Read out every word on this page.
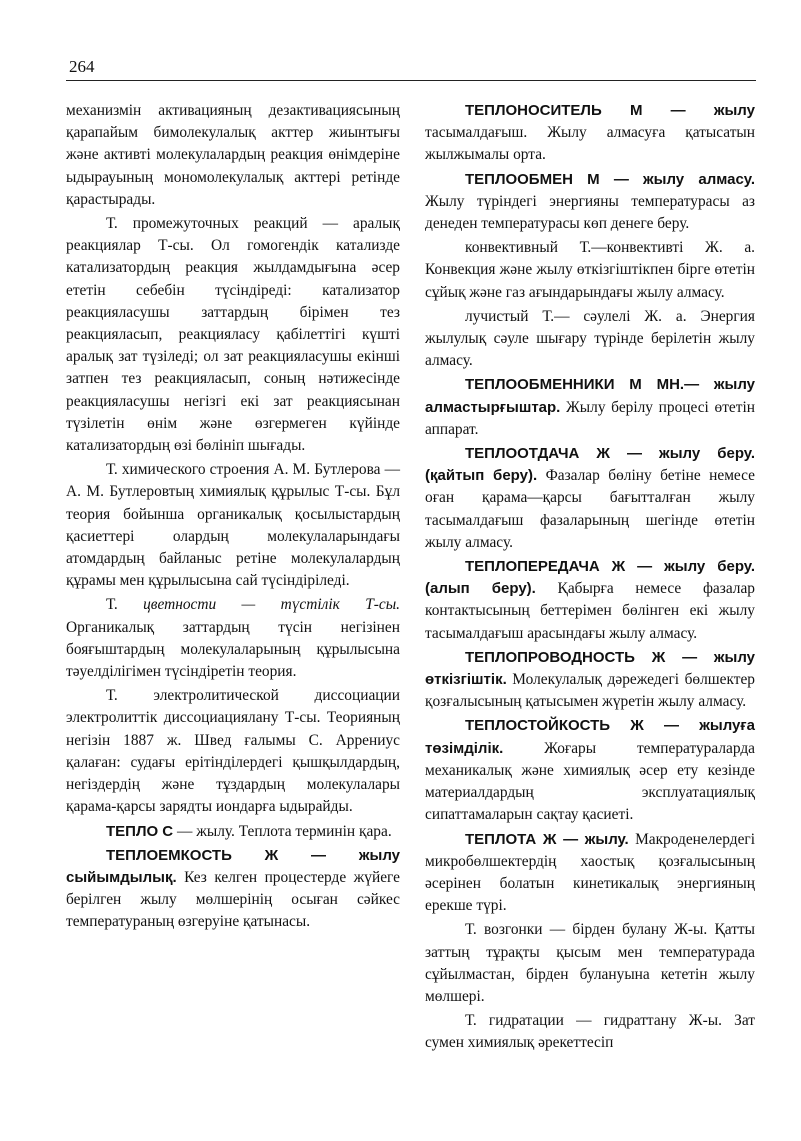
264

механизмін активацияның дезактивациясының қарапайым бимолекулалық акттер жиынтығы және активті молекулалардың реакция өнімдеріне ыдырауының мономолекулалық акттері ретінде қарастырады.

Т. промежуточных реакций — аралық реакциялар Т-сы. Ол гомогендік катализде катализатордың реакция жылдамдығына әсер ететін себебін түсіндіреді: катализатор реакцияласушы заттардың бірімен тез реакцияласып, реакцияласу қабілеттігі күшті аралық зат түзіледі; ол зат реакцияласушы екінші затпен тез реакцияласып, соның нәтижесінде реакцияласушы негізгі екі зат реакциясынан түзілетін өнім және өзгермеген күйінде катализатордың өзі бөлініп шығады.

Т. химического строения А. М. Бутлерова — А. М. Бутлеровтың химиялық құрылыс Т-сы. Бұл теория бойынша органикалық қосылыстардың қасиеттері олардың молекулаларындағы атомдардың байланыс ретіне молекулалардың құрамы мен құрылысына сай түсіндіріледі.

Т. цветности — түстілік Т-сы. Органикалық заттардың түсін негізінен бояғыштардың молекулаларының құрылысына тәуелділігімен түсіндіретін теория.

Т. электролитической диссоциации электролиттік диссоциациялану Т-сы. Теорияның негізін 1887 ж. Швед ғалымы С. Аррениус қалаған: судағы ерітінділердегі қышқылдардың, негіздердің және тұздардың молекулалары қарама-қарсы зарядты иондарға ыдырайды.

ТЕПЛО С — жылу. Теплота терминін қара.

ТЕПЛОЕМКОСТЬ Ж — жылу сыйымдылық. Кез келген процестерде жүйеге берілген жылу мөлшерінің осыған сәйкес температураның өзгеруіне қатынасы.

ТЕПЛОНОСИТЕЛЬ М — жылу тасымалдағыш. Жылу алмасуға қатысатын жылжымалы орта.

ТЕПЛООБМЕН М — жылу алмасу. Жылу түріндегі энергияны температурасы аз денеден температурасы көп денеге беру.

конвективный Т.—конвективті Ж. а. Конвекция және жылу өткізгіштікпен бірге өтетін сұйық және газ ағындарындағы жылу алмасу.

лучистый Т.— сәулелі Ж. а. Энергия жылулық сәуле шығару түрінде берілетін жылу алмасу.

ТЕПЛООБМЕННИКИ М МН.— жылу алмастырғыштар. Жылу берілу процесі өтетін аппарат.

ТЕПЛООТДАЧА Ж — жылу беру. (қайтып беру). Фазалар бөліну бетіне немесе оған қарама—қарсы бағытталған жылу тасымалдағыш фазаларының шегінде өтетін жылу алмасу.

ТЕПЛОПЕРЕДАЧА Ж — жылу беру. (алып беру). Қабырға немесе фазалар контактысының беттерімен бөлінген екі жылу тасымалдағыш арасындағы жылу алмасу.

ТЕПЛОПРОВОДНОСТЬ Ж — жылу өткізгіштік. Молекулалық дәрежедегі бөлшектер қозғалысының қатысымен жүретін жылу алмасу.

ТЕПЛОСТОЙКОСТЬ Ж — жылуға төзімділік. Жоғары температураларда механикалық және химиялық әсер ету кезінде материалдардың эксплуатациялық сипаттамаларын сақтау қасиеті.

ТЕПЛОТА Ж — жылу. Макроденелердегі микробөлшектердің хаостық қозғалысының әсерінен болатын кинетикалық энергияның ерекше түрі.

Т. возгонки — бірден булану Ж-ы. Қатты заттың тұрақты қысым мен температурада сұйылмастан, бірден булануына кететін жылу мөлшері.

Т. гидратации — гидраттану Ж-ы. Зат сумен химиялық әрекеттесіп
